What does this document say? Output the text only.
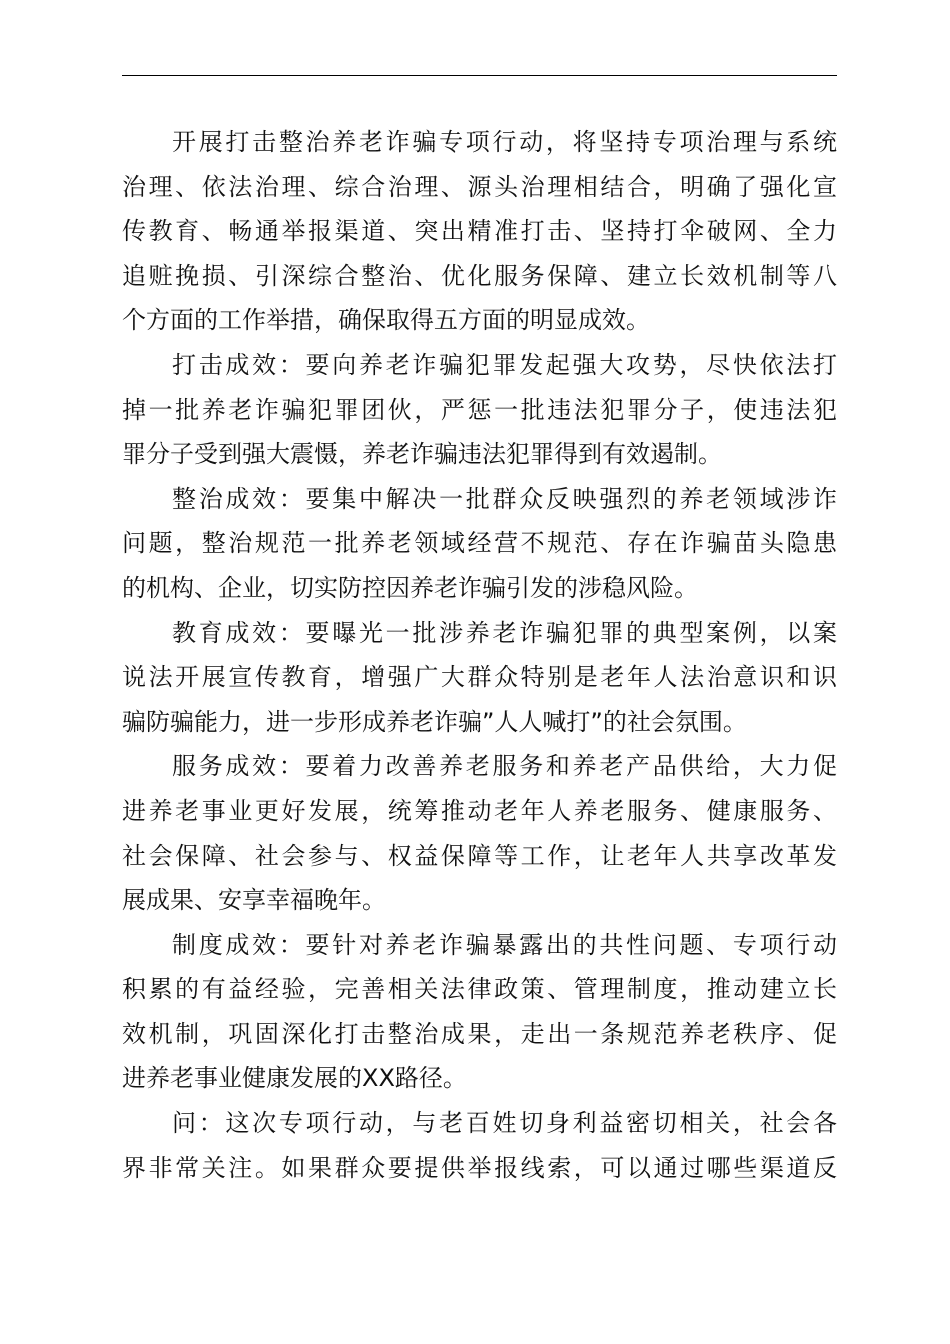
开展打击整治养老诈骗专项行动，将坚持专项治理与系统
治理、依法治理、综合治理、源头治理相结合，明确了强化宣
传教育、畅通举报渠道、突出精准打击、坚持打伞破网、全力
追赃挽损、引深综合整治、优化服务保障、建立长效机制等八
个方面的工作举措，确保取得五方面的明显成效。

打击成效：要向养老诈骗犯罪发起强大攻势，尽快依法打
掉一批养老诈骗犯罪团伙，严惩一批违法犯罪分子，使违法犯
罪分子受到强大震慑，养老诈骗违法犯罪得到有效遏制。

整治成效：要集中解决一批群众反映强烈的养老领域涉诈
问题，整治规范一批养老领域经营不规范、存在诈骗苗头隐患
的机构、企业，切实防控因养老诈骗引发的涉稳风险。

教育成效：要曝光一批涉养老诈骗犯罪的典型案例，以案
说法开展宣传教育，增强广大群众特别是老年人法治意识和识
骗防骗能力，进一步形成养老诈骗”人人喊打”的社会氛围。

服务成效：要着力改善养老服务和养老产品供给，大力促
进养老事业更好发展，统筹推动老年人养老服务、健康服务、
社会保障、社会参与、权益保障等工作，让老年人共享改革发
展成果、安享幸福晚年。

制度成效：要针对养老诈骗暴露出的共性问题、专项行动
积累的有益经验，完善相关法律政策、管理制度，推动建立长
效机制，巩固深化打击整治成果，走出一条规范养老秩序、促
进养老事业健康发展的XX路径。

问：这次专项行动，与老百姓切身利益密切相关，社会各
界非常关注。如果群众要提供举报线索，可以通过哪些渠道反
